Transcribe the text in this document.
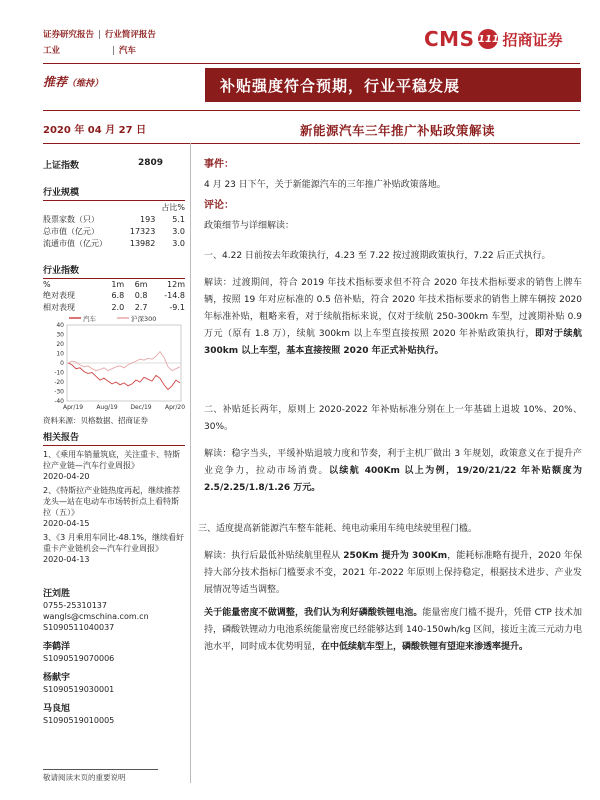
证券研究报告 | 行业简评报告
工业	| 汽车	CMS 111 招商证券
推荐（维持）	补贴强度符合预期，行业平稳发展
2020 年 04 月 27 日	新能源汽车三年推广补贴政策解读
上证指数	2809
行业规模
		占比%
股票家数（只）	193	5.1
总市值（亿元）	17323	3.0
流通市值（亿元）	13982	3.0
行业指数
%	1m	6m	12m
绝对表现	6.8	0.8	-14.8
相对表现	2.0	2.7	-9.1
汽车	沪深300
40
30
20
10
0
-10
-20
-30
-40
Apr/19 Aug/19 Dec/19 Apr/20
资料来源：贝格数据、招商证券
相关报告
1、《乘用车销量筑底，关注重卡、特斯拉产业链—汽车行业周报》
2020-04-20
2、《特斯拉产业链热度再起，继续推荐龙头—站在电动车市场转折点上看特斯拉（五）》
2020-04-15
3、《3 月乘用车同比-48.1%，继续看好重卡产业链机会—汽车行业周报》
2020-04-13
汪刘胜
0755-25310137
wangls@cmschina.com.cn
S1090511040037
李鹤洋
S1090519070006
杨献宇
S1090519030001
马良旭
S1090519010005
敬请阅读末页的重要说明
事件：
4 月 23 日下午，关于新能源汽车的三年推广补贴政策落地。
评论：
政策细节与详细解读：
一、4.22 日前按去年政策执行，4.23 至 7.22 按过渡期政策执行，7.22 后正式执行。
解读：过渡期间，符合 2019 年技术指标要求但不符合 2020 年技术指标要求的销售上牌车辆，按照 19 年对应标准的 0.5 倍补贴，符合 2020 年技术指标要求的销售上牌车辆按 2020 年标准补贴，粗略来看，对于续航指标来说，仅对于续航 250-300km 车型，过渡期补贴 0.9 万元（原有 1.8 万），续航 300km 以上车型直接按照 2020 年补贴政策执行，即对于续航 300km 以上车型，基本直接按照 2020 年正式补贴执行。
二、补贴延长两年，原则上 2020-2022 年补贴标准分别在上一年基础上退坡 10%、20%、30%。
解读：稳字当头，平缓补贴退坡力度和节奏，利于主机厂做出 3 年规划，政策意义在于提升产业竞争力，拉动市场消费。以续航 400Km 以上为例，19/20/21/22 年补贴额度为 2.5/2.25/1.8/1.26 万元。
三、适度提高新能源汽车整车能耗、纯电动乘用车纯电续驶里程门槛。
解读：执行后最低补贴续航里程从 250Km 提升为 300Km，能耗标准略有提升，2020 年保持大部分技术指标门槛要求不变，2021 年-2022 年原则上保持稳定，根据技术进步、产业发展情况等适当调整。
关于能量密度不做调整，我们认为利好磷酸铁锂电池。能量密度门槛不提升，凭借 CTP 技术加持，磷酸铁锂动力电池系统能量密度已经能够达到 140-150wh/kg 区间，接近主流三元动力电池水平，同时成本优势明显，在中低续航车型上，磷酸铁锂有望迎来渗透率提升。
